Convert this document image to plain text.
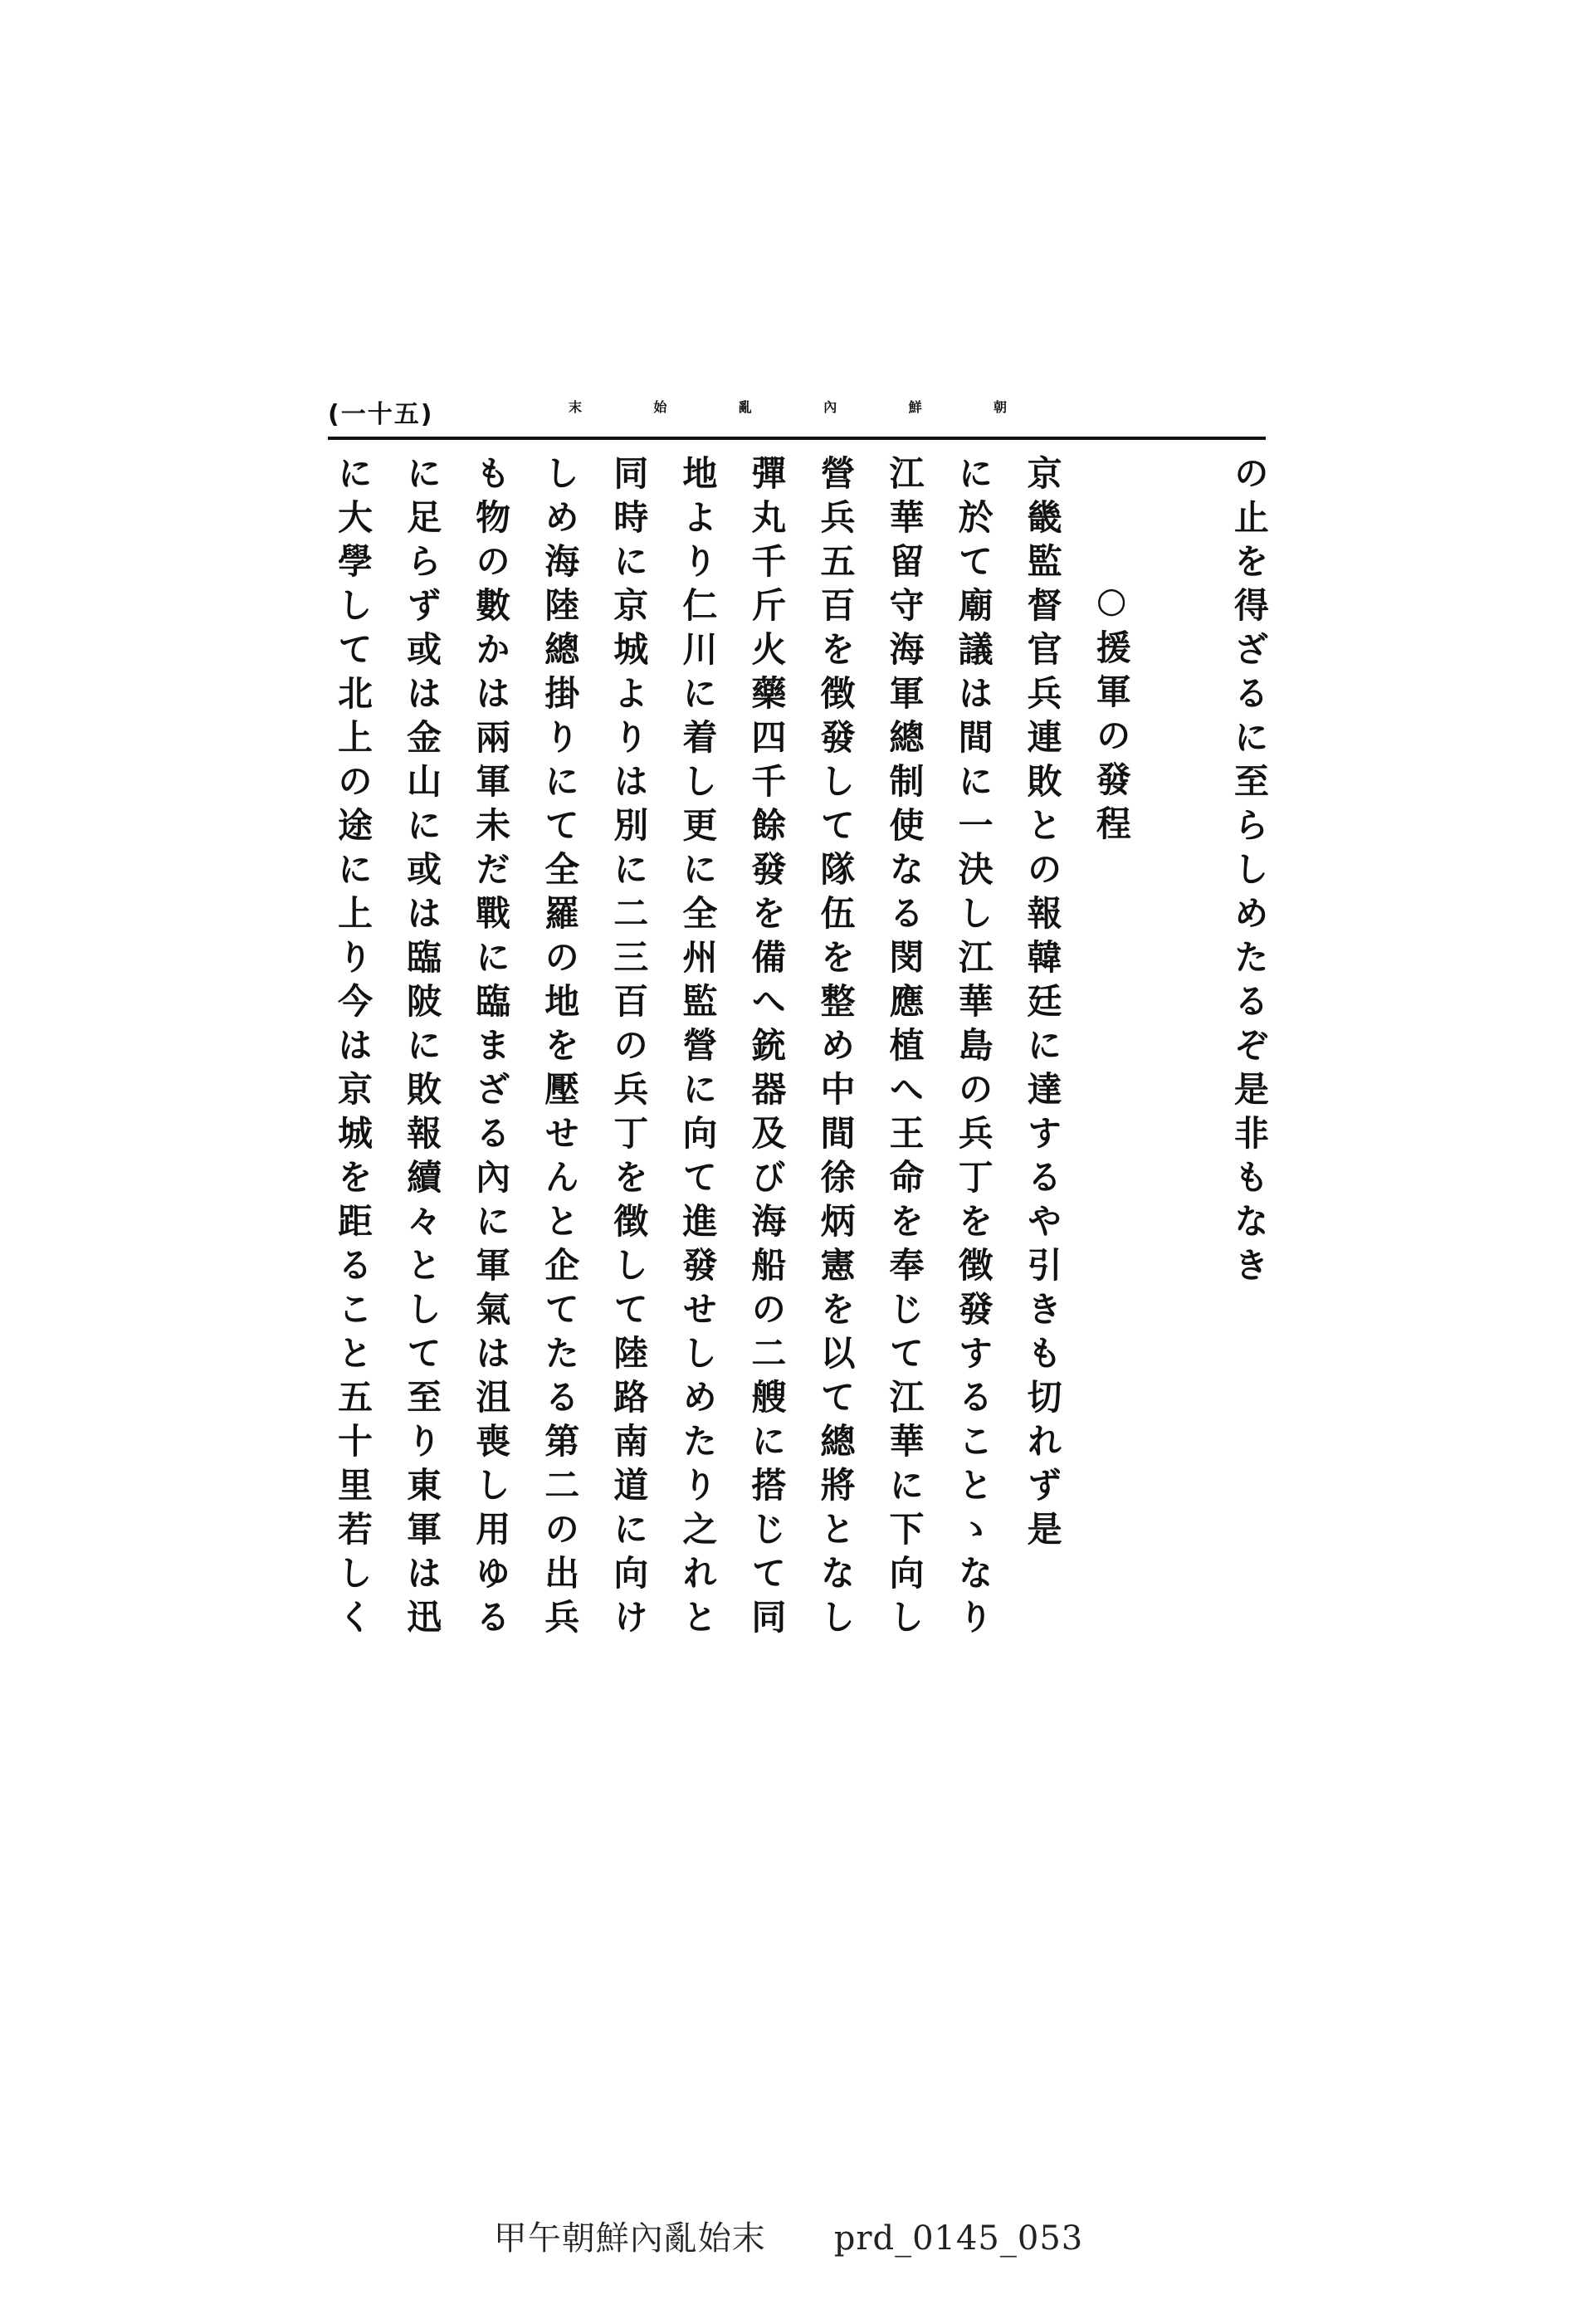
(一十五)	末始亂內鮮朝
の止を得ざるに至らしめたるぞ是非もなき
○援軍の發程
京畿監督官兵連敗との報韓廷に達するや引きも切れず是
に於て廟議は間に一決し江華島の兵丁を徴發することゝなり
江華留守海軍總制使なる閔應植へ王命を奉じて江華に下向し
營兵五百を徴發して隊伍を整め中間徐炳憲を以て總將となし
彈丸千斤火藥四千餘發を備へ銃器及び海船の二艘に搭じて同
地より仁川に着し更に全州監營に向て進發せしめたり之れと
同時に京城よりは別に二三百の兵丁を徴して陸路南道に向け
しめ海陸總掛りにて全羅の地を壓せんと企てたる第二の出兵
も物の數かは兩軍未だ戰に臨まざる內に軍氣は沮喪し用ゆる
に足らず或は金山に或は臨陂に敗報續々として至り東軍は迅
に大學して北上の途に上り今は京城を距ること五十里若しく
甲午朝鮮內亂始末　　prd_0145_053
